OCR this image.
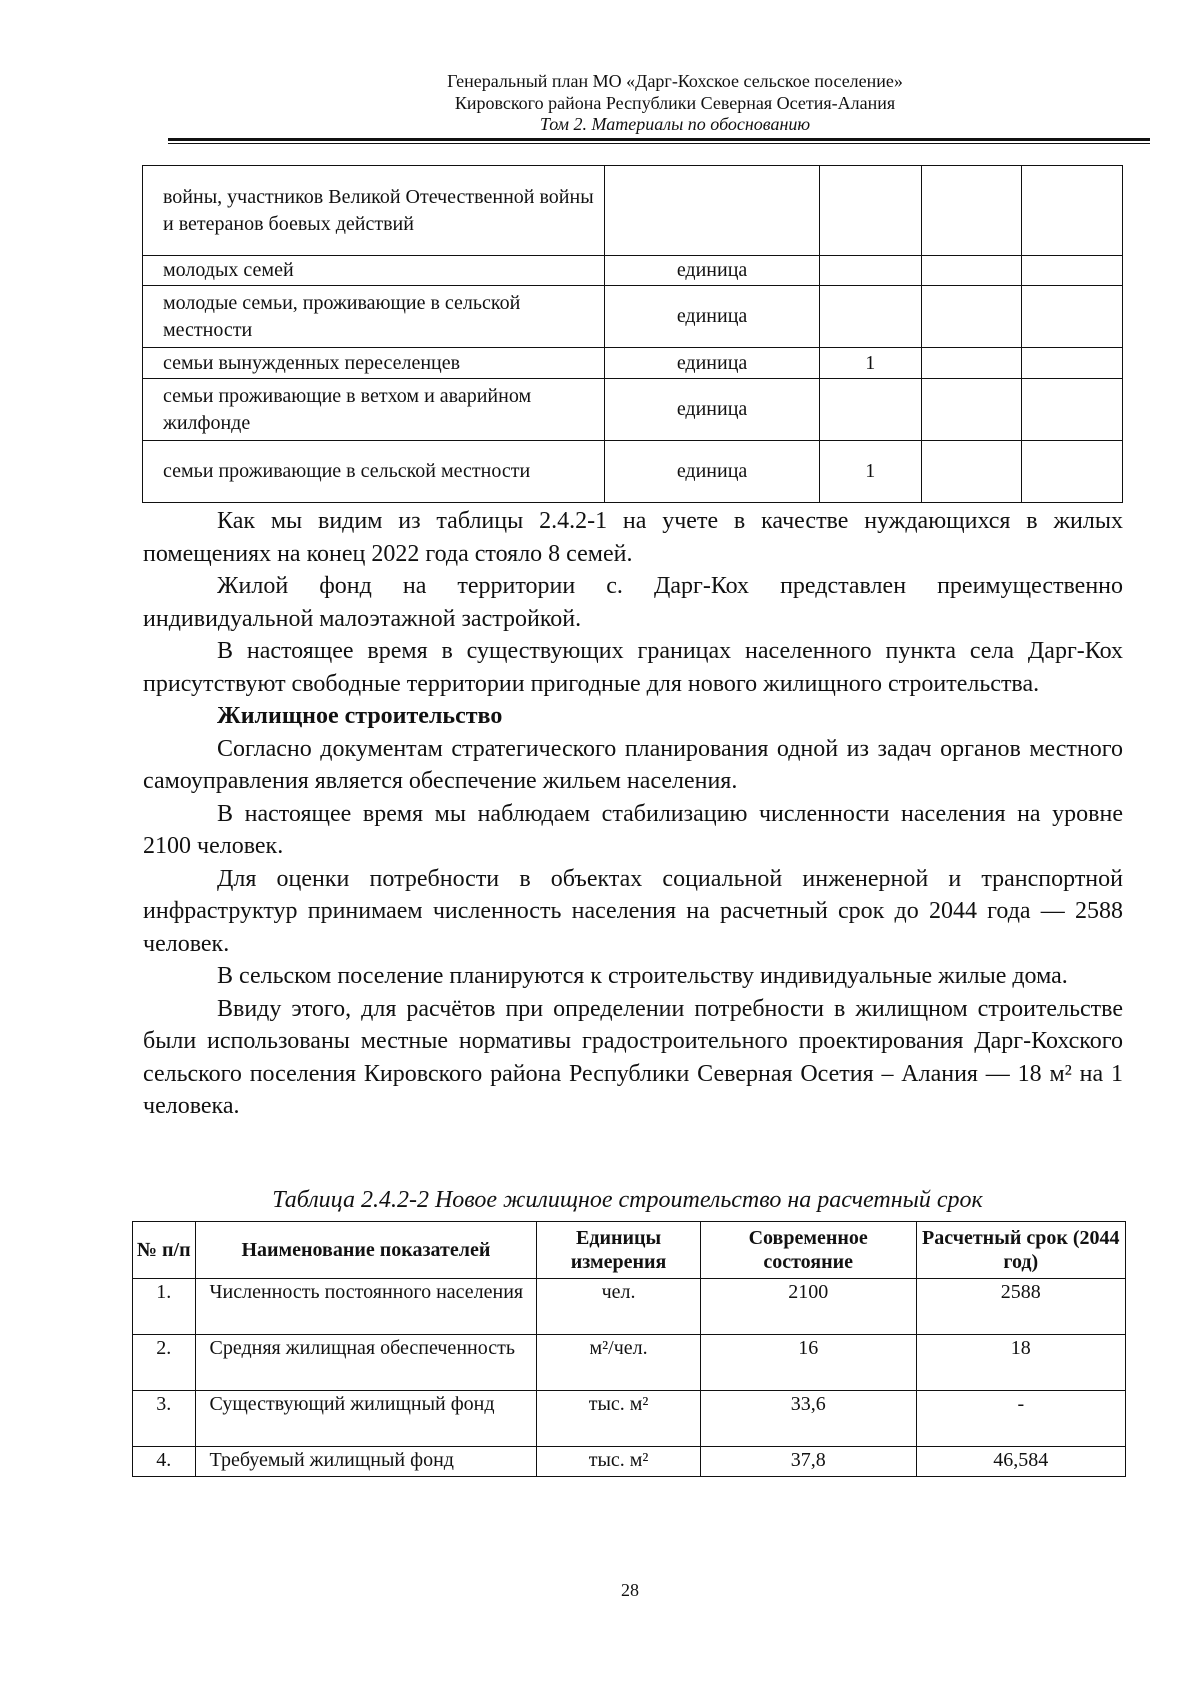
Генеральный план МО «Дарг-Кохское сельское поселение»
Кировского района Республики Северная Осетия-Алания
Том 2. Материалы по обоснованию
войны, участников Великой Отечественной войны и ветеранов боевых действий				
молодых семей	единица			
молодые семьи, проживающие в сельской местности	единица			
семьи вынужденных переселенцев	единица	1		
семьи проживающие в ветхом и аварийном жилфонде	единица			
семьи проживающие в сельской местности	единица	1		

Как мы видим из таблицы 2.4.2-1 на учете в качестве нуждающихся в жилых помещениях на конец 2022 года стояло 8 семей.

Жилой фонд на территории с. Дарг-Кох представлен преимущественно индивидуальной малоэтажной застройкой.

В настоящее время в существующих границах населенного пункта села Дарг-Кох присутствуют свободные территории пригодные для нового жилищного строительства.

Жилищное строительство

Согласно документам стратегического планирования одной из задач органов местного самоуправления является обеспечение жильем населения.

В настоящее время мы наблюдаем стабилизацию численности населения на уровне 2100 человек.

Для оценки потребности в объектах социальной инженерной и транспортной инфраструктур принимаем численность населения на расчетный срок до 2044 года — 2588 человек.

В сельском поселение планируются к строительству индивидуальные жилые дома.

Ввиду этого, для расчётов при определении потребности в жилищном строительстве были использованы местные нормативы градостроительного проектирования Дарг-Кохского сельского поселения Кировского района Республики Северная Осетия – Алания — 18 м² на 1 человека.

Таблица 2.4.2-2 Новое жилищное строительство на расчетный срок
№ п/п	Наименование показателей	Единицы измерения	Современное состояние	Расчетный срок (2044 год)
1.	Численность постоянного населения	чел.	2100	2588
2.	Средняя жилищная обеспеченность	м²/чел.	16	18
3.	Существующий жилищный фонд	тыс. м²	33,6	-
4.	Требуемый жилищный фонд	тыс. м²	37,8	46,584
28
